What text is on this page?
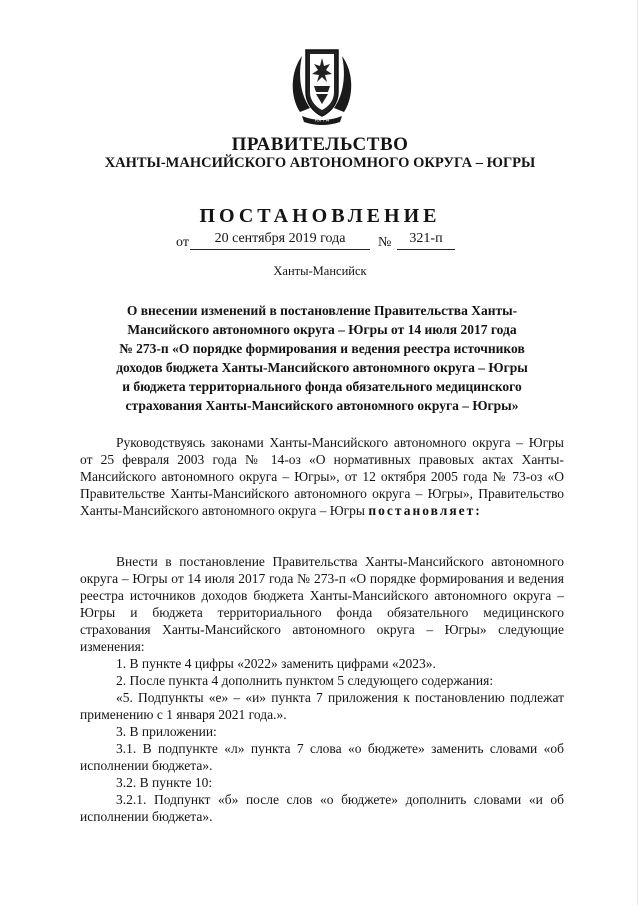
ЮГРА
ПРАВИТЕЛЬСТВО
ХАНТЫ-МАНСИЙСКОГО АВТОНОМНОГО ОКРУГА – ЮГРЫ
ПОСТАНОВЛЕНИЕ
от	20 сентября 2019 года	№	321-п
Ханты-Мансийск
О внесении изменений в постановление Правительства Ханты-
Мансийского автономного округа – Югры от 14 июля 2017 года
№ 273-п «О порядке формирования и ведения реестра источников
доходов бюджета Ханты-Мансийского автономного округа – Югры
и бюджета территориального фонда обязательного медицинского
страхования Ханты-Мансийского автономного округа – Югры»

Руководствуясь законами Ханты-Мансийского автономного округа – Югры от 25 февраля 2003 года № 14-оз «О нормативных правовых актах Ханты-Мансийского автономного округа – Югры», от 12 октября 2005 года № 73-оз «О Правительстве Ханты-Мансийского автономного округа – Югры», Правительство Ханты-Мансийского автономного округа – Югры постановляет:

Внести в постановление Правительства Ханты-Мансийского автономного округа – Югры от 14 июля 2017 года № 273-п «О порядке формирования и ведения реестра источников доходов бюджета Ханты-Мансийского автономного округа – Югры и бюджета территориального фонда обязательного медицинского страхования Ханты-Мансийского автономного округа – Югры» следующие изменения:

1. В пункте 4 цифры «2022» заменить цифрами «2023».

2. После пункта 4 дополнить пунктом 5 следующего содержания:

«5. Подпункты «е» – «и» пункта 7 приложения к постановлению подлежат применению с 1 января 2021 года.».

3. В приложении:

3.1. В подпункте «л» пункта 7 слова «о бюджете» заменить словами «об исполнении бюджета».

3.2. В пункте 10:

3.2.1. Подпункт «б» после слов «о бюджете» дополнить словами «и об исполнении бюджета».
